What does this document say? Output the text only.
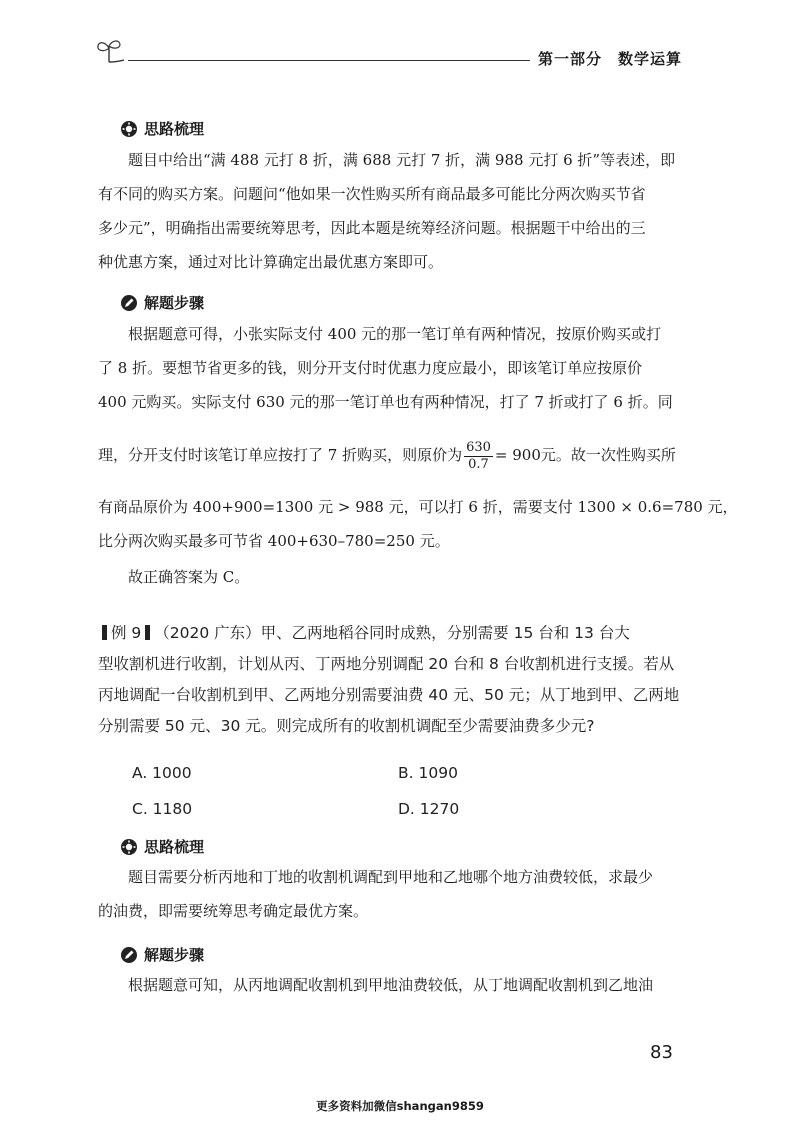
第一部分　数学运算
思路梳理
题目中给出“满 488 元打 8 折，满 688 元打 7 折，满 988 元打 6 折”等表述，即
有不同的购买方案。问题问“他如果一次性购买所有商品最多可能比分两次购买节省
多少元”，明确指出需要统筹思考，因此本题是统筹经济问题。根据题干中给出的三
种优惠方案，通过对比计算确定出最优惠方案即可。
解题步骤
根据题意可得，小张实际支付 400 元的那一笔订单有两种情况，按原价购买或打
了 8 折。要想节省更多的钱，则分开支付时优惠力度应最小，即该笔订单应按原价
400 元购买。实际支付 630 元的那一笔订单也有两种情况，打了 7 折或打了 6 折。同
理，分开支付时该笔订单应按打了 7 折购买，则原价为 $\frac{630}{0.7} = 900$元。故一次性购买所
有商品原价为 400+900=1300 元 > 988 元，可以打 6 折，需要支付 1300 × 0.6=780 元，
比分两次购买最多可节省 400+630–780=250 元。
故正确答案为 C。
例 9 （2020 广东）甲、乙两地稻谷同时成熟，分别需要 15 台和 13 台大
型收割机进行收割，计划从丙、丁两地分别调配 20 台和 8 台收割机进行支援。若从
丙地调配一台收割机到甲、乙两地分别需要油费 40 元、50 元；从丁地到甲、乙两地
分别需要 50 元、30 元。则完成所有的收割机调配至少需要油费多少元?
A. 1000	B. 1090
C. 1180	D. 1270
思路梳理
题目需要分析丙地和丁地的收割机调配到甲地和乙地哪个地方油费较低，求最少
的油费，即需要统筹思考确定最优方案。
解题步骤
根据题意可知，从丙地调配收割机到甲地油费较低，从丁地调配收割机到乙地油
83
更多资料加微信shangan9859
